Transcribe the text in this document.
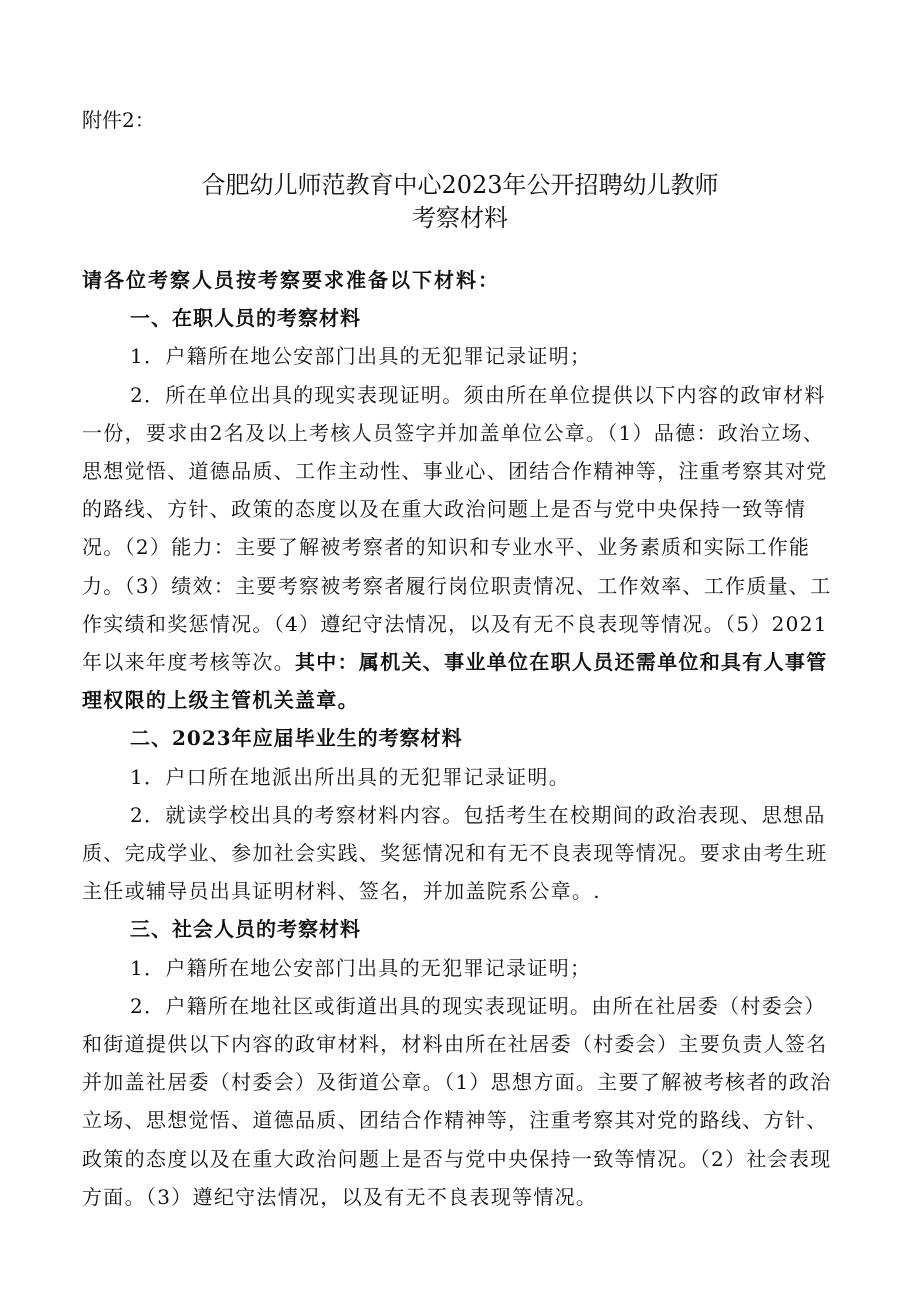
附件2：
合肥幼儿师范教育中心2023年公开招聘幼儿教师
考察材料

请各位考察人员按考察要求准备以下材料：

一、在职人员的考察材料

1．户籍所在地公安部门出具的无犯罪记录证明；

2．所在单位出具的现实表现证明。须由所在单位提供以下内容的政审材料一份，要求由2名及以上考核人员签字并加盖单位公章。（1）品德：政治立场、思想觉悟、道德品质、工作主动性、事业心、团结合作精神等，注重考察其对党的路线、方针、政策的态度以及在重大政治问题上是否与党中央保持一致等情况。（2）能力：主要了解被考察者的知识和专业水平、业务素质和实际工作能力。（3）绩效：主要考察被考察者履行岗位职责情况、工作效率、工作质量、工作实绩和奖惩情况。（4）遵纪守法情况，以及有无不良表现等情况。（5）2021年以来年度考核等次。其中：属机关、事业单位在职人员还需单位和具有人事管理权限的上级主管机关盖章。

二、2023年应届毕业生的考察材料

1．户口所在地派出所出具的无犯罪记录证明。

2．就读学校出具的考察材料内容。包括考生在校期间的政治表现、思想品质、完成学业、参加社会实践、奖惩情况和有无不良表现等情况。要求由考生班主任或辅导员出具证明材料、签名，并加盖院系公章。.

三、社会人员的考察材料

1．户籍所在地公安部门出具的无犯罪记录证明；

2．户籍所在地社区或街道出具的现实表现证明。由所在社居委（村委会）和街道提供以下内容的政审材料，材料由所在社居委（村委会）主要负责人签名并加盖社居委（村委会）及街道公章。（1）思想方面。主要了解被考核者的政治立场、思想觉悟、道德品质、团结合作精神等，注重考察其对党的路线、方针、政策的态度以及在重大政治问题上是否与党中央保持一致等情况。（2）社会表现方面。（3）遵纪守法情况，以及有无不良表现等情况。
